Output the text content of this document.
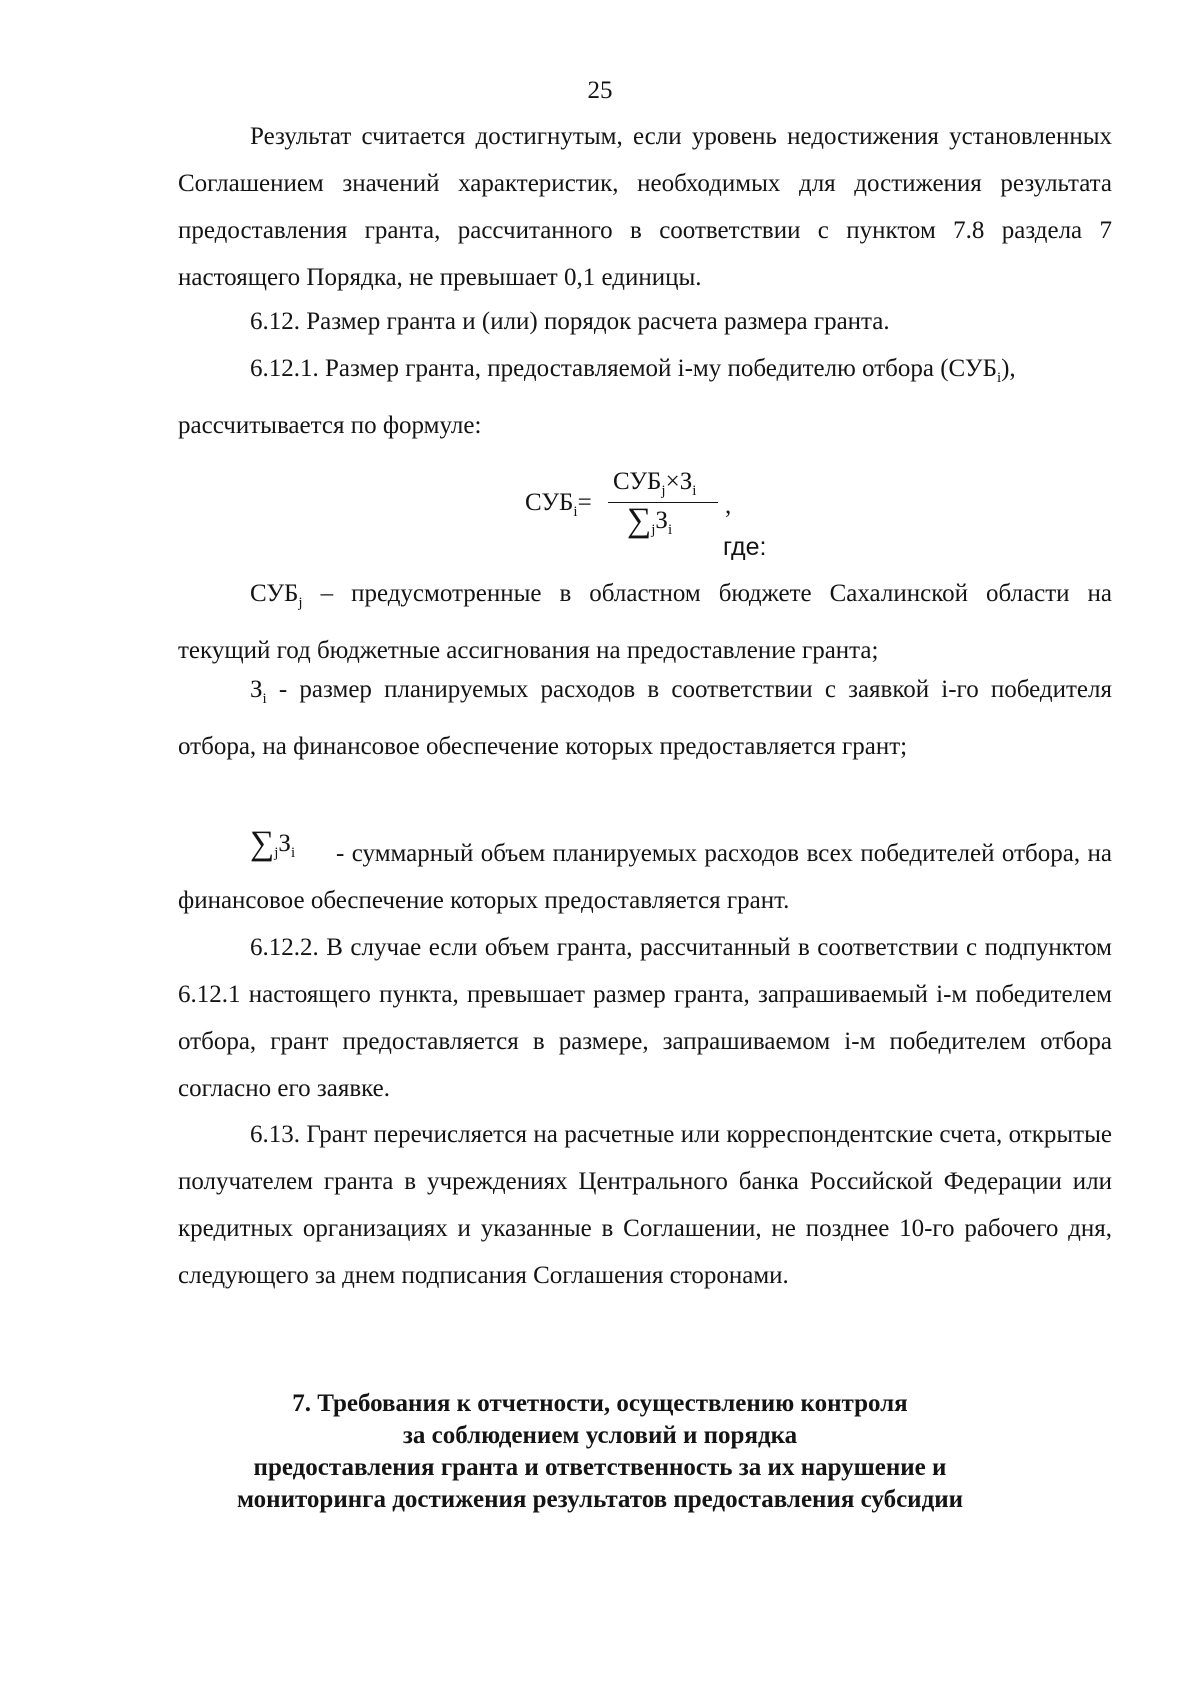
25

Результат считается достигнутым, если уровень недостижения установленных Соглашением значений характеристик, необходимых для достижения результата предоставления гранта, рассчитанного в соответствии с пунктом 7.8 раздела 7 настоящего Порядка, не превышает 0,1 единицы.

6.12. Размер гранта и (или) порядок расчета размера гранта.

6.12.1. Размер гранта, предоставляемой i-му победителю отбора $(СУБ_i)$,
рассчитывается по формуле:

$СУБ_i=$
$СУБ_j\times З_i$
$\sum_jЗ_i$
,
где:

$СУБ_j$ – предусмотренные в областном бюджете Сахалинской области на текущий год бюджетные ассигнования на предоставление гранта;

$З_i$ - размер планируемых расходов в соответствии с заявкой i-го победителя отбора, на финансовое обеспечение которых предоставляется грант;

$\sum_jЗ_i$	- суммарный объем планируемых расходов всех победителей отбора, на финансовое обеспечение которых предоставляется грант.

6.12.2. В случае если объем гранта, рассчитанный в соответствии с подпунктом 6.12.1 настоящего пункта, превышает размер гранта, запрашиваемый i-м победителем отбора, грант предоставляется в размере, запрашиваемом i-м победителем отбора согласно его заявке.

6.13. Грант перечисляется на расчетные или корреспондентские счета, открытые получателем гранта в учреждениях Центрального банка Российской Федерации или кредитных организациях и указанные в Соглашении, не позднее 10-го рабочего дня, следующего за днем подписания Соглашения сторонами.

7. Требования к отчетности, осуществлению контроля
за соблюдением условий и порядка
предоставления гранта и ответственность за их нарушение и
мониторинга достижения результатов предоставления субсидии
